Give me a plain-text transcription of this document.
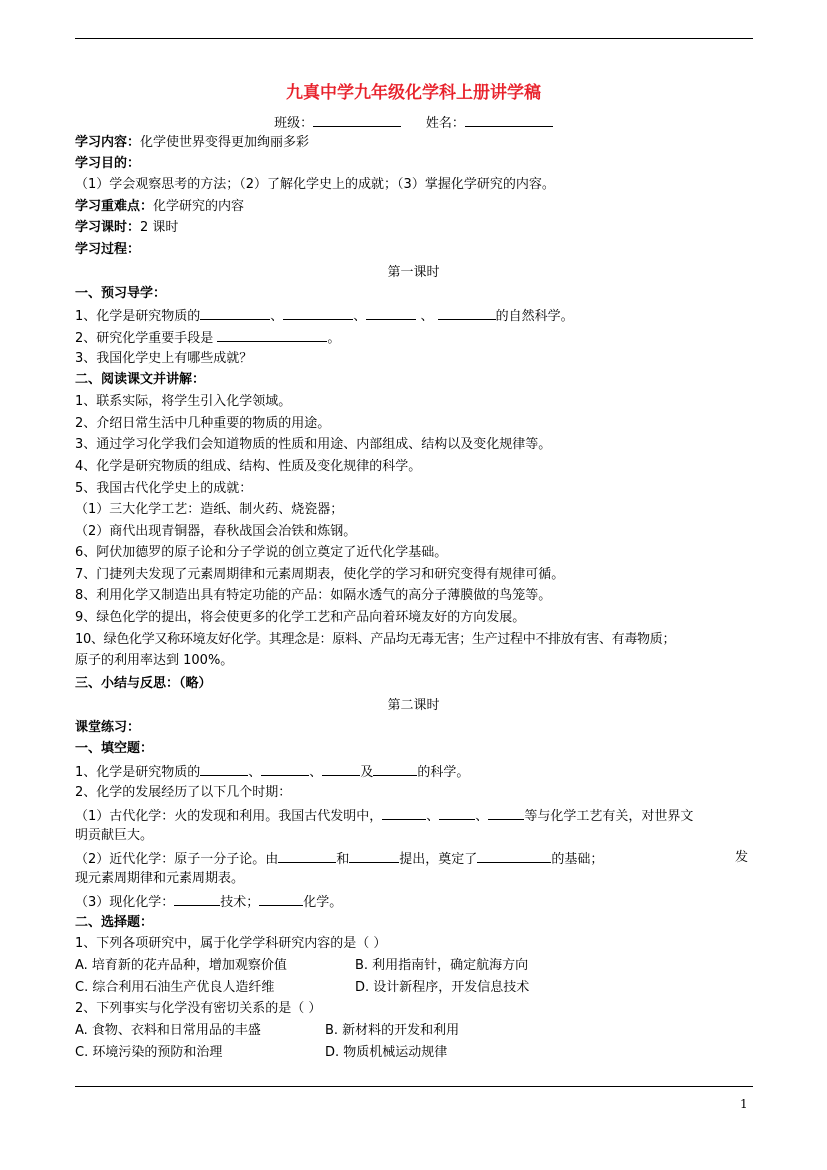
九真中学九年级化学科上册讲学稿
班级：	姓名：
学习内容：化学使世界变得更加绚丽多彩
学习目的：
（1）学会观察思考的方法；（2）了解化学史上的成就；（3）掌握化学研究的内容。
学习重难点：化学研究的内容
学习课时：2 课时
学习过程：
第一课时
一、预习导学：
1、化学是研究物质的	、	、	、	的自然科学。
2、研究化学重要手段是	。
3、我国化学史上有哪些成就？
二、阅读课文并讲解：
1、联系实际，将学生引入化学领域。
2、介绍日常生活中几种重要的物质的用途。
3、通过学习化学我们会知道物质的性质和用途、内部组成、结构以及变化规律等。
4、化学是研究物质的组成、结构、性质及变化规律的科学。
5、我国古代化学史上的成就：
（1）三大化学工艺：造纸、制火药、烧瓷器；
（2）商代出现青铜器，春秋战国会冶铁和炼钢。
6、阿伏加德罗的原子论和分子学说的创立奠定了近代化学基础。
7、门捷列夫发现了元素周期律和元素周期表，使化学的学习和研究变得有规律可循。
8、利用化学又制造出具有特定功能的产品：如隔水透气的高分子薄膜做的鸟笼等。
9、绿色化学的提出，将会使更多的化学工艺和产品向着环境友好的方向发展。
10、绿色化学又称环境友好化学。其理念是：原料、产品均无毒无害；生产过程中不排放有害、有毒物质；
原子的利用率达到 100%。
三、小结与反思：（略）
第二课时
课堂练习：
一、填空题：
1、化学是研究物质的	、	、	及	的科学。
2、化学的发展经历了以下几个时期：
（1）古代化学：火的发现和利用。我国古代发明中，	、	、	等与化学工艺有关，对世界文
明贡献巨大。
（2）近代化学：原子一分子论。由	和	提出，奠定了	的基础；	发
现元素周期律和元素周期表。
（3）现化化学：	技术；	化学。
二、选择题：
1、下列各项研究中，属于化学学科研究内容的是（ ）
A. 培育新的花卉品种，增加观察价值	B. 利用指南针，确定航海方向
C. 综合利用石油生产优良人造纤维	D. 设计新程序，开发信息技术
2、下列事实与化学没有密切关系的是（ ）
A. 食物、衣料和日常用品的丰盛	B. 新材料的开发和利用
C. 环境污染的预防和治理	D. 物质机械运动规律
1
